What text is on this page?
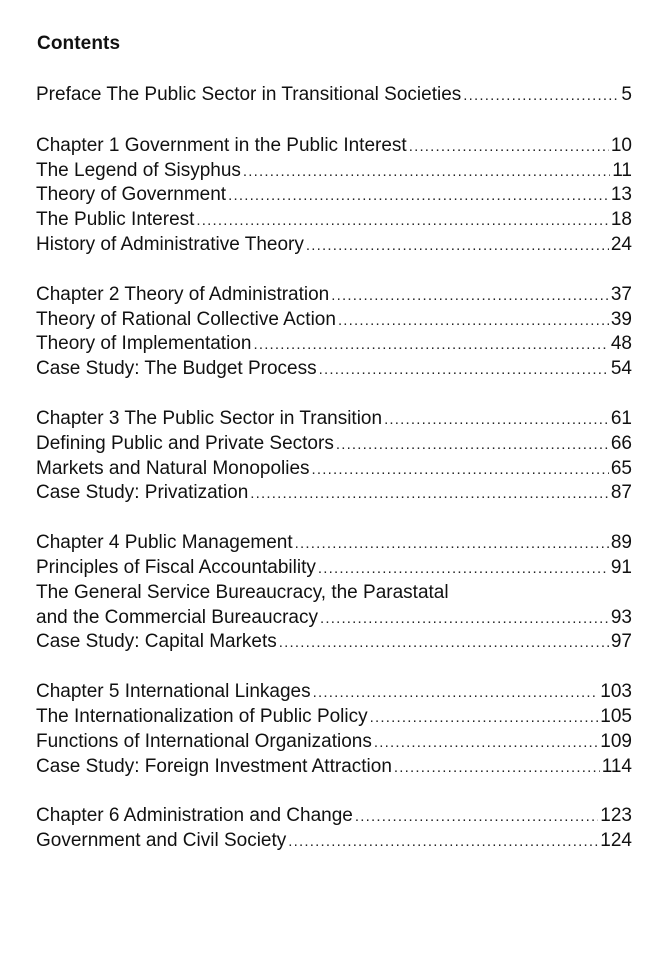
Contents
Preface The Public Sector in Transitional Societies .....	5
Chapter 1 Government in the Public Interest .....	10
The Legend of Sisyphus .....	11
Theory of Government .....	13
The Public Interest .....	18
History of Administrative Theory .....	24
Chapter 2 Theory of Administration .....	37
Theory of Rational Collective Action .....	39
Theory of Implementation .....	48
Case Study: The Budget Process .....	54
Chapter 3 The Public Sector in Transition .....	61
Defining Public and Private Sectors .....	66
Markets and Natural Monopolies .....	65
Case Study: Privatization .....	87
Chapter 4 Public Management .....	89
Principles of Fiscal Accountability .....	91
The General Service Bureaucracy, the Parastatal
and the Commercial Bureaucracy .....	93
Case Study: Capital Markets .....	97
Chapter 5 International Linkages .....	103
The Internationalization of Public Policy .....	105
Functions of International Organizations .....	109
Case Study: Foreign Investment Attraction .....	114
Chapter 6 Administration and Change .....	123
Government and Civil Society .....	124
